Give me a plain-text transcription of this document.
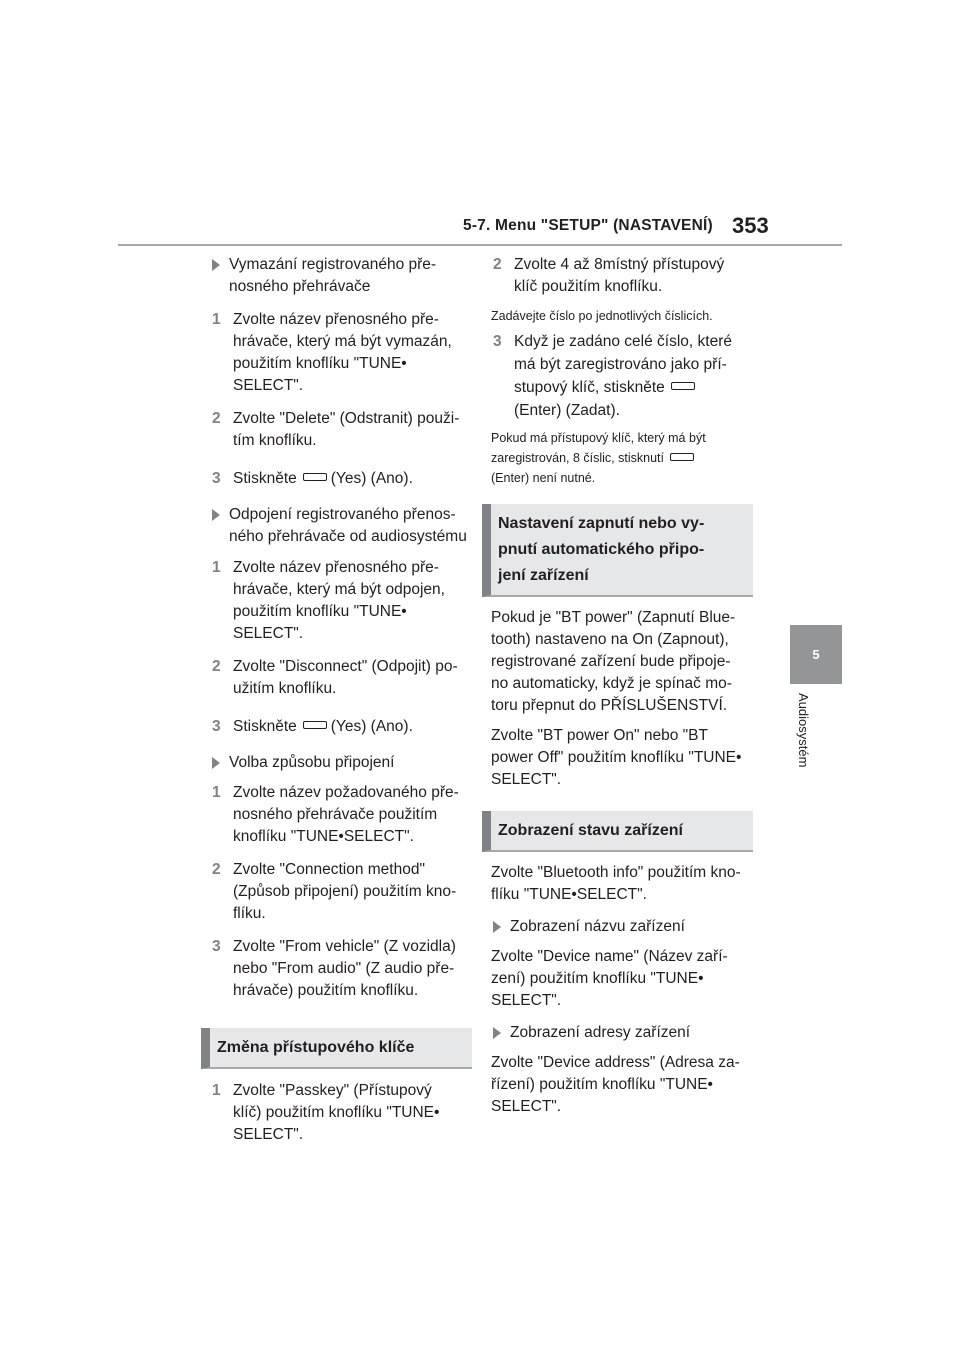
5-7. Menu "SETUP" (NASTAVENÍ) 353
5
Audiosystém

Vymazání registrovaného pře-
nosného přehrávače

1 Zvolte název přenosného pře-
hrávače, který má být vymazán,
použitím knoflíku "TUNE•
SELECT".

2 Zvolte "Delete" (Odstranit) použi-
tím knoflíku.

3 Stiskněte (Yes) (Ano).

Odpojení registrovaného přenos-
ného přehrávače od audiosystému

1 Zvolte název přenosného pře-
hrávače, který má být odpojen,
použitím knoflíku "TUNE•
SELECT".

2 Zvolte "Disconnect" (Odpojit) po-
užitím knoflíku.

3 Stiskněte (Yes) (Ano).

Volba způsobu připojení

1 Zvolte název požadovaného pře-
nosného přehrávače použitím
knoflíku "TUNE•SELECT".

2 Zvolte "Connection method"
(Způsob připojení) použitím kno-
flíku.

3 Zvolte "From vehicle" (Z vozidla)
nebo "From audio" (Z audio pře-
hrávače) použitím knoflíku.

Změna přístupového klíče

1 Zvolte "Passkey" (Přístupový
klíč) použitím knoflíku "TUNE•
SELECT".

2 Zvolte 4 až 8místný přístupový
klíč použitím knoflíku.

Zadávejte číslo po jednotlivých číslicích.

3 Když je zadáno celé číslo, které
má být zaregistrováno jako pří-
stupový klíč, stiskněte
(Enter) (Zadat).

Pokud má přístupový klíč, který má být
zaregistrován, 8 číslic, stisknutí
(Enter) není nutné.

Nastavení zapnutí nebo vy-
pnutí automatického připo-
jení zařízení

Pokud je "BT power" (Zapnutí Blue-
tooth) nastaveno na On (Zapnout),
registrované zařízení bude připoje-
no automaticky, když je spínač mo-
toru přepnut do PŘÍSLUŠENSTVÍ.

Zvolte "BT power On" nebo "BT
power Off" použitím knoflíku "TUNE•
SELECT".

Zobrazení stavu zařízení

Zvolte "Bluetooth info" použitím kno-
flíku "TUNE•SELECT".

Zobrazení názvu zařízení

Zvolte "Device name" (Název zaří-
zení) použitím knoflíku "TUNE•
SELECT".

Zobrazení adresy zařízení

Zvolte "Device address" (Adresa za-
řízení) použitím knoflíku "TUNE•
SELECT".
